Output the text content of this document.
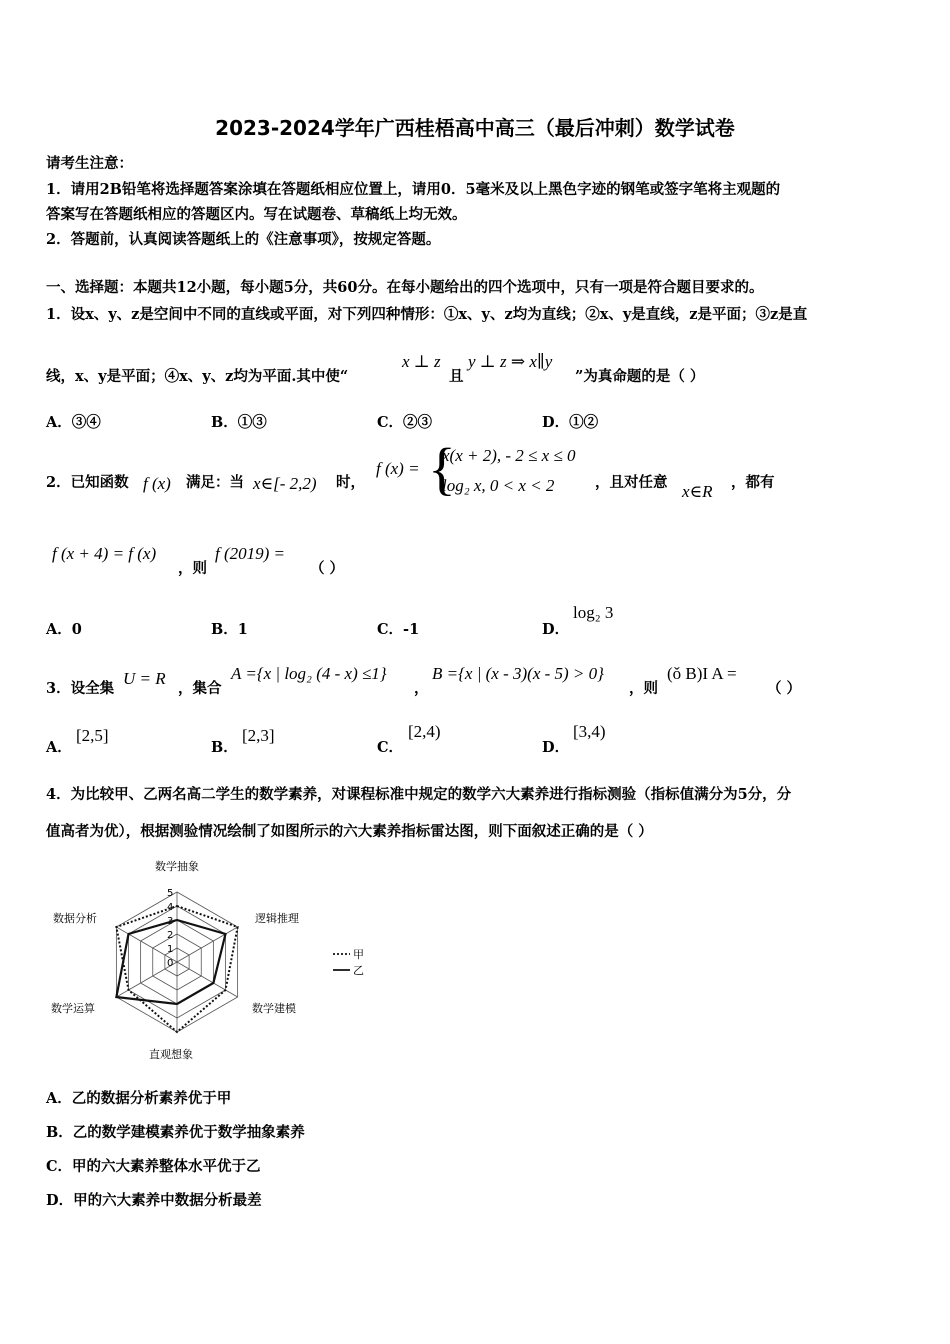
2023-2024学年广西桂梧高中高三（最后冲刺）数学试卷
请考生注意：
1．请用2B铅笔将选择题答案涂填在答题纸相应位置上，请用0．5毫米及以上黑色字迹的钢笔或签字笔将主观题的
答案写在答题纸相应的答题区内。写在试题卷、草稿纸上均无效。
2．答题前，认真阅读答题纸上的《注意事项》，按规定答题。
一、选择题：本题共12小题，每小题5分，共60分。在每小题给出的四个选项中，只有一项是符合题目要求的。
1．设x、y、z是空间中不同的直线或平面，对下列四种情形：①x、y、z均为直线；②x、y是直线，z是平面；③z是直
线，x、y是平面；④x、y、z均为平面.其中使“
x ⊥ z
且
y ⊥ z ⇒ x∥y
”为真命题的是（ ）
A．③④	B．①③	C．②③	D．①②
2．已知函数 f (x) 满足：当 x∈[- 2,2) 时，
f (x) = {
x(x + 2), - 2 ≤ x ≤ 0
log₂ x, 0 < x < 2	，且对任意 x∈R ，都有
f (x + 4) = f (x)
，则
f (2019) =
（ ）
A．0	B．1	C．-1	D．
log₂ 3
3．设全集
U = R
，集合
A ={x | log₂ (4 - x) ≤1}
，
B ={x | (x - 3)(x - 5) > 0}
，则
(ǒ B)I A =
（ ）
A．
[2,5]
B．
[2,3]
C．
[2,4)
D．
[3,4)
4．为比较甲、乙两名高二学生的数学素养，对课程标准中规定的数学六大素养进行指标测验（指标值满分为5分，分
值高者为优），根据测验情况绘制了如图所示的六大素养指标雷达图，则下面叙述正确的是（ ）
0
1
2
3
4
5
数学抽象
逻辑推理
数学建模
直观想象
数学运算
数据分析
甲
乙
A．乙的数据分析素养优于甲
B．乙的数学建模素养优于数学抽象素养
C．甲的六大素养整体水平优于乙
D．甲的六大素养中数据分析最差
